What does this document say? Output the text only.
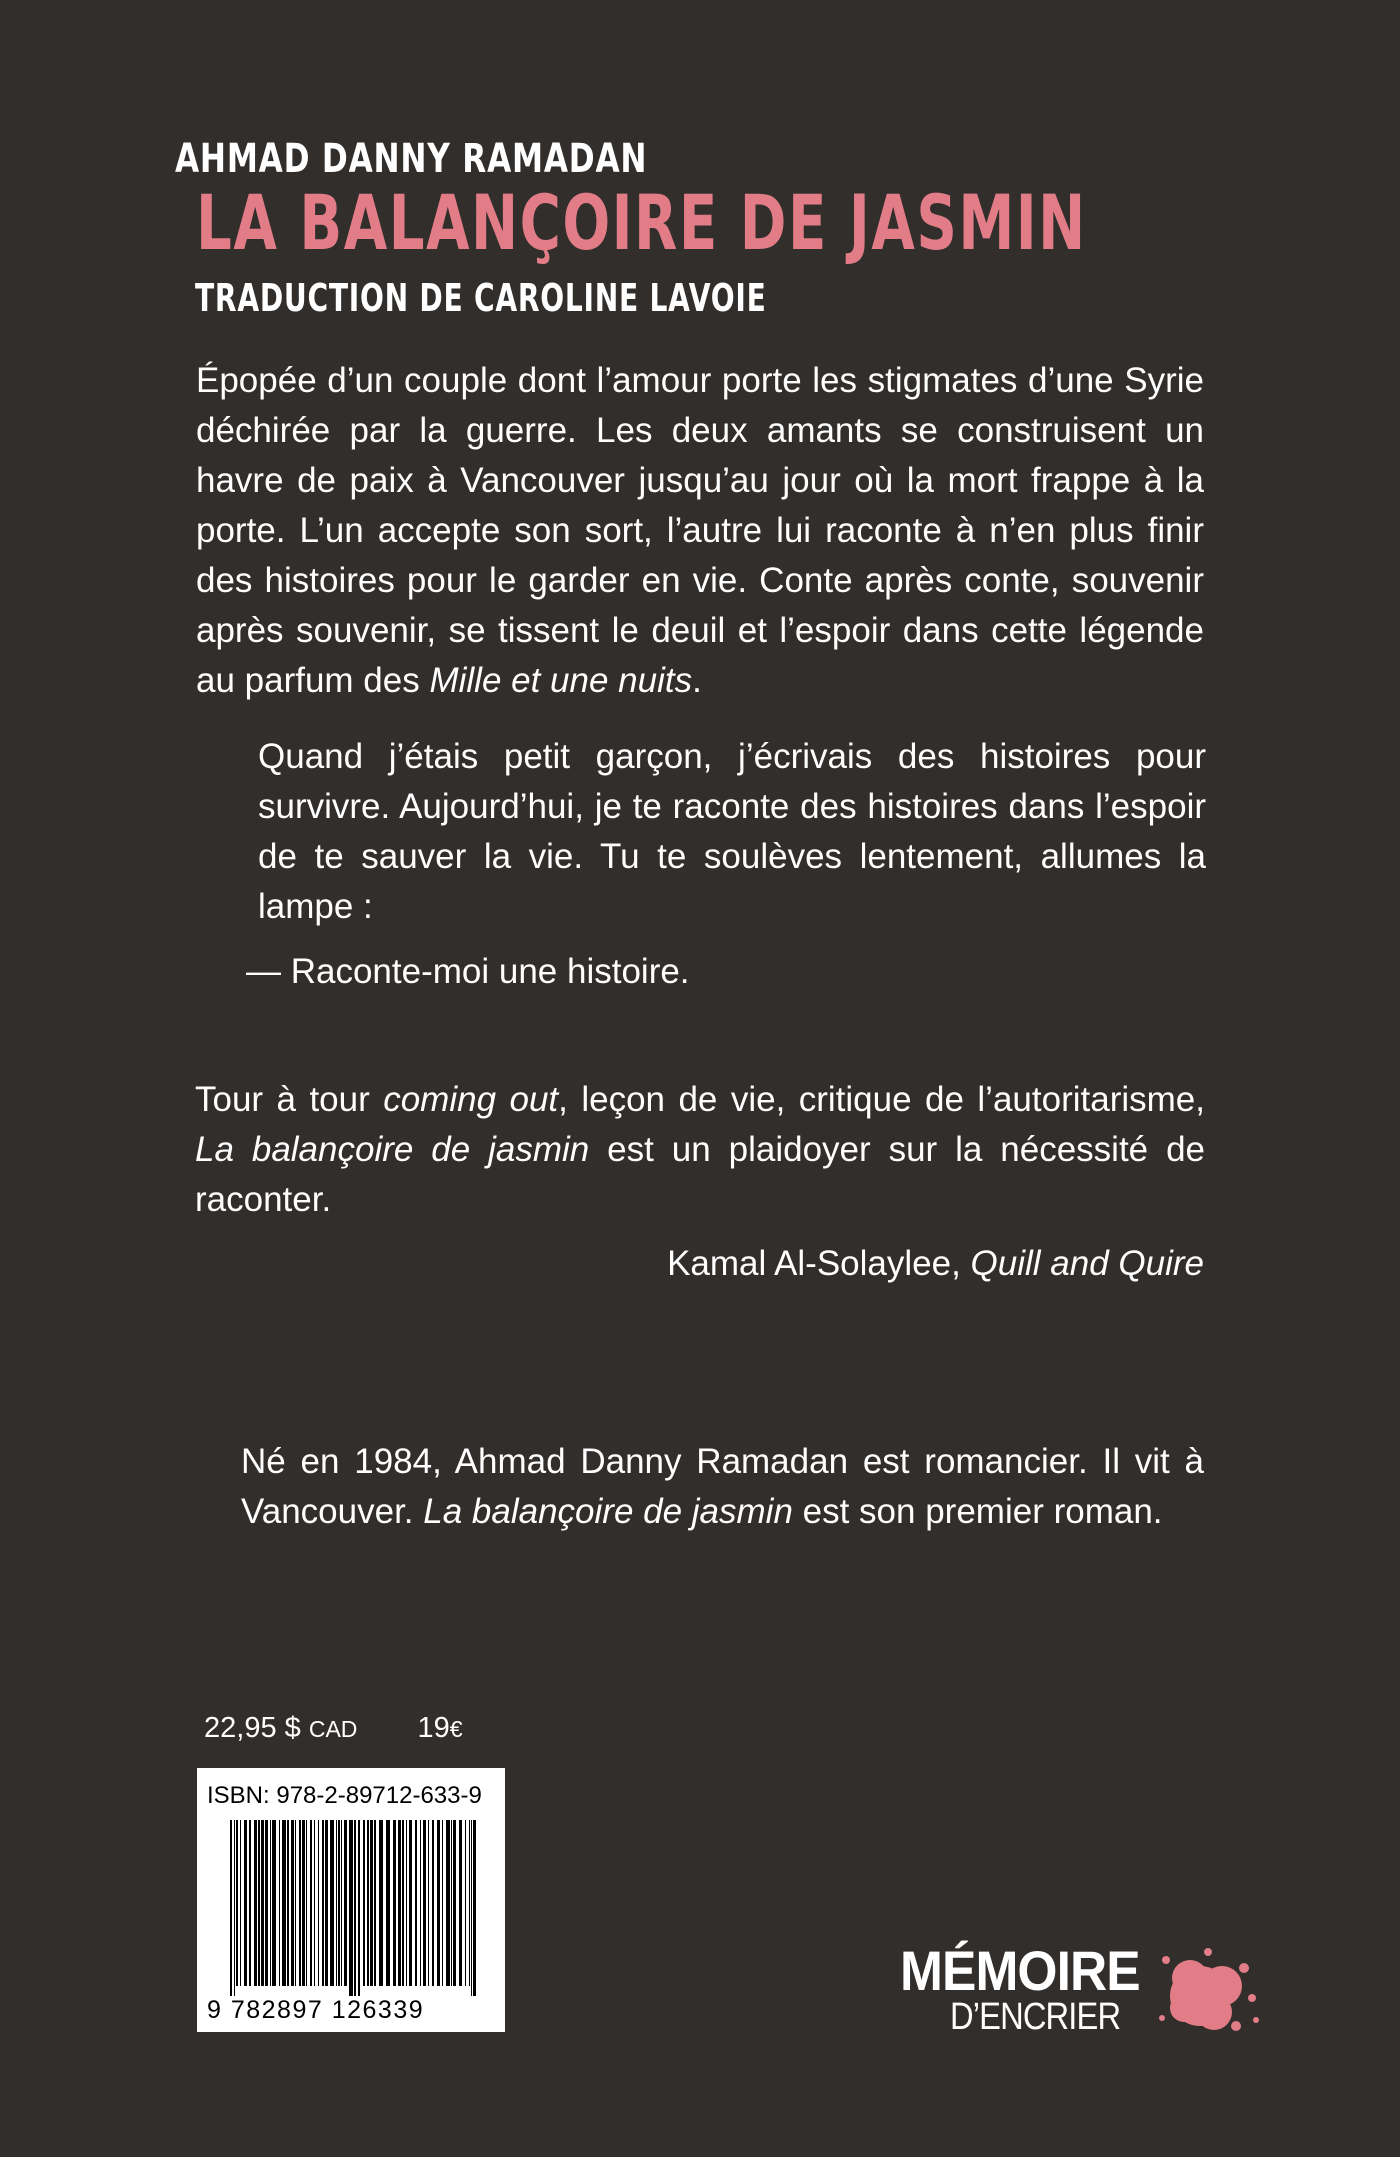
AHMAD DANNY RAMADAN
LA BALANÇOIRE DE JASMIN
TRADUCTION DE CAROLINE LAVOIE

Épopée d’un couple dont l’amour porte les stigmates d’une Syrie déchirée par la guerre. Les deux amants se construisent un havre de paix à Vancouver jusqu’au jour où la mort frappe à la porte. L’un accepte son sort, l’autre lui raconte à n’en plus finir des histoires pour le garder en vie. Conte après conte, souvenir après souvenir, se tissent le deuil et l’espoir dans cette légende au parfum des Mille et une nuits.

Quand j’étais petit garçon, j’écrivais des histoires pour survivre. Aujourd’hui, je te raconte des histoires dans l’espoir de te sauver la vie. Tu te soulèves lentement, allumes la lampe :

— Raconte-moi une histoire.

Tour à tour coming out, leçon de vie, critique de l’autoritarisme, La balançoire de jasmin est un plaidoyer sur la nécessité de raconter.

Kamal Al-Solaylee, Quill and Quire

Né en 1984, Ahmad Danny Ramadan est romancier. Il vit à Vancouver. La balançoire de jasmin est son premier roman.

22,95 $ CAD 19€
ISBN: 978-2-89712-633-9
9 782897 126339
MÉMOIRE
D’ENCRIER
